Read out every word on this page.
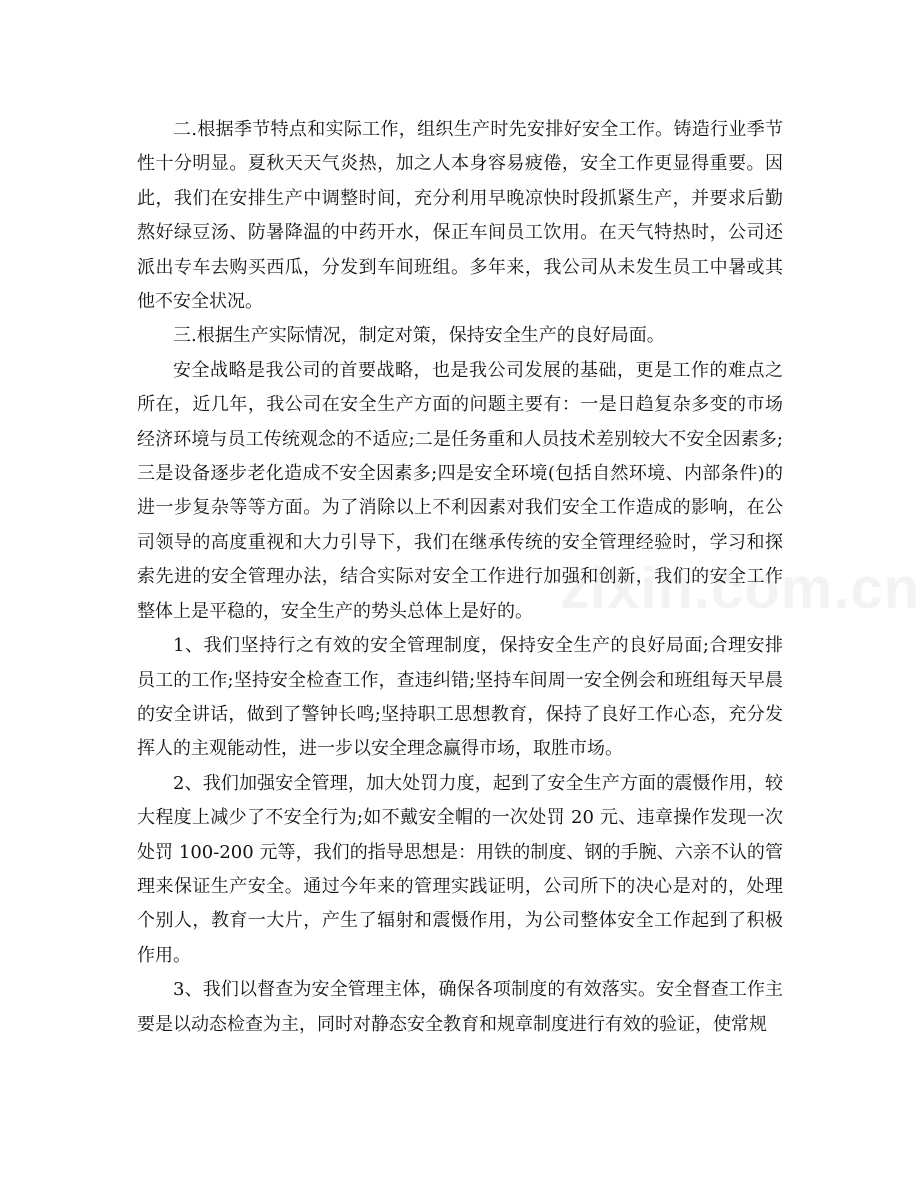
二.根据季节特点和实际工作，组织生产时先安排好安全工作。铸造行业季节性十分明显。夏秋天天气炎热，加之人本身容易疲倦，安全工作更显得重要。因此，我们在安排生产中调整时间，充分利用早晚凉快时段抓紧生产，并要求后勤熬好绿豆汤、防暑降温的中药开水，保正车间员工饮用。在天气特热时，公司还派出专车去购买西瓜，分发到车间班组。多年来，我公司从未发生员工中暑或其他不安全状况。

三.根据生产实际情况，制定对策，保持安全生产的良好局面。

安全战略是我公司的首要战略，也是我公司发展的基础，更是工作的难点之所在，近几年，我公司在安全生产方面的问题主要有：一是日趋复杂多变的市场经济环境与员工传统观念的不适应;二是任务重和人员技术差别较大不安全因素多;三是设备逐步老化造成不安全因素多;四是安全环境(包括自然环境、内部条件)的进一步复杂等等方面。为了消除以上不利因素对我们安全工作造成的影响，在公司领导的高度重视和大力引导下，我们在继承传统的安全管理经验时，学习和探索先进的安全管理办法，结合实际对安全工作进行加强和创新，我们的安全工作整体上是平稳的，安全生产的势头总体上是好的。

1、我们坚持行之有效的安全管理制度，保持安全生产的良好局面;合理安排员工的工作;坚持安全检查工作，查违纠错;坚持车间周一安全例会和班组每天早晨的安全讲话，做到了警钟长鸣;坚持职工思想教育，保持了良好工作心态，充分发挥人的主观能动性，进一步以安全理念赢得市场，取胜市场。

2、我们加强安全管理，加大处罚力度，起到了安全生产方面的震慑作用，较大程度上减少了不安全行为;如不戴安全帽的一次处罚 20 元、违章操作发现一次处罚 100-200 元等，我们的指导思想是：用铁的制度、钢的手腕、六亲不认的管理来保证生产安全。通过今年来的管理实践证明，公司所下的决心是对的，处理个别人，教育一大片，产生了辐射和震慑作用，为公司整体安全工作起到了积极作用。

3、我们以督查为安全管理主体，确保各项制度的有效落实。安全督查工作主要是以动态检查为主，同时对静态安全教育和规章制度进行有效的验证，使常规
